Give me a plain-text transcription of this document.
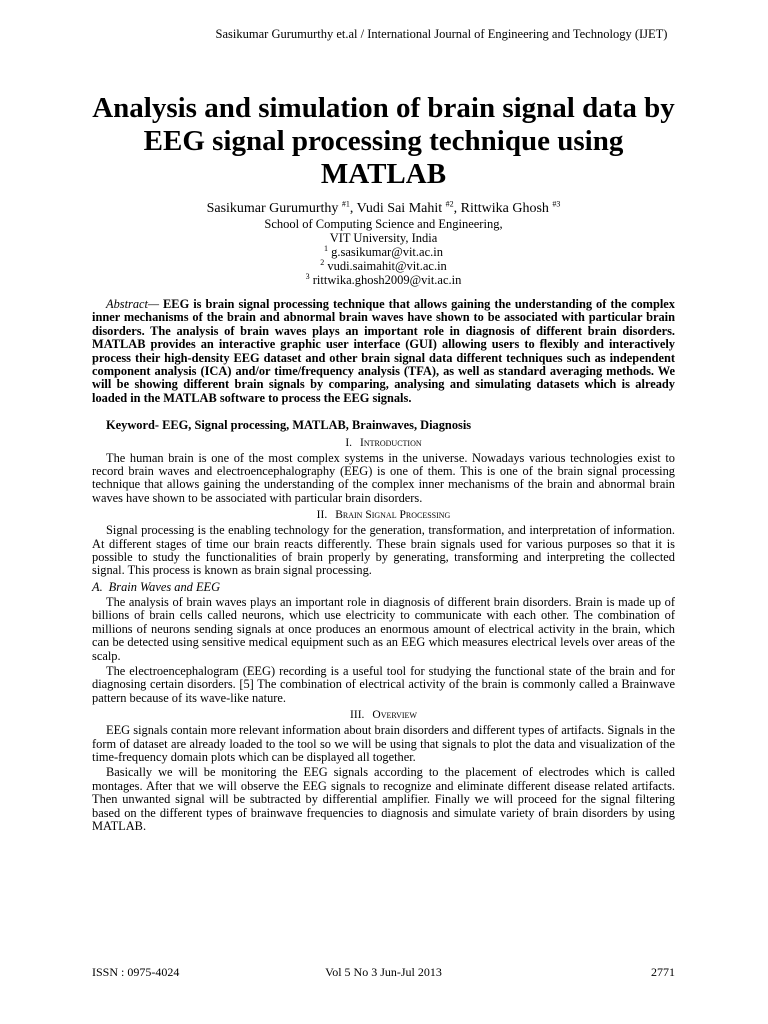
Sasikumar Gurumurthy et.al / International Journal of Engineering and Technology (IJET)
Analysis and simulation of brain signal data by EEG signal processing technique using MATLAB
Sasikumar Gurumurthy $^{\#1}$, Vudi Sai Mahit $^{\#2}$, Rittwika Ghosh $^{\#3}$
School of Computing Science and Engineering,
VIT University, India
$^1$ g.sasikumar@vit.ac.in
$^2$ vudi.saimahit@vit.ac.in
$^3$ rittwika.ghosh2009@vit.ac.in

Abstract— EEG is brain signal processing technique that allows gaining the understanding of the complex inner mechanisms of the brain and abnormal brain waves have shown to be associated with particular brain disorders. The analysis of brain waves plays an important role in diagnosis of different brain disorders. MATLAB provides an interactive graphic user interface (GUI) allowing users to flexibly and interactively process their high-density EEG dataset and other brain signal data different techniques such as independent component analysis (ICA) and/or time/frequency analysis (TFA), as well as standard averaging methods. We will be showing different brain signals by comparing, analysing and simulating datasets which is already loaded in the MATLAB software to process the EEG signals.

Keyword- EEG, Signal processing, MATLAB, Brainwaves, Diagnosis
I. Introduction

The human brain is one of the most complex systems in the universe. Nowadays various technologies exist to record brain waves and electroencephalography (EEG) is one of them. This is one of the brain signal processing technique that allows gaining the understanding of the complex inner mechanisms of the brain and abnormal brain waves have shown to be associated with particular brain disorders.

II. Brain Signal Processing

Signal processing is the enabling technology for the generation, transformation, and interpretation of information. At different stages of time our brain reacts differently. These brain signals used for various purposes so that it is possible to study the functionalities of brain properly by generating, transforming and interpreting the collected signal. This process is known as brain signal processing.

A. Brain Waves and EEG

The analysis of brain waves plays an important role in diagnosis of different brain disorders. Brain is made up of billions of brain cells called neurons, which use electricity to communicate with each other. The combination of millions of neurons sending signals at once produces an enormous amount of electrical activity in the brain, which can be detected using sensitive medical equipment such as an EEG which measures electrical levels over areas of the scalp.

The electroencephalogram (EEG) recording is a useful tool for studying the functional state of the brain and for diagnosing certain disorders. [5] The combination of electrical activity of the brain is commonly called a Brainwave pattern because of its wave-like nature.

III. Overview

EEG signals contain more relevant information about brain disorders and different types of artifacts. Signals in the form of dataset are already loaded to the tool so we will be using that signals to plot the data and visualization of the time-frequency domain plots which can be displayed all together.

Basically we will be monitoring the EEG signals according to the placement of electrodes which is called montages. After that we will observe the EEG signals to recognize and eliminate different disease related artifacts. Then unwanted signal will be subtracted by differential amplifier. Finally we will proceed for the signal filtering based on the different types of brainwave frequencies to diagnosis and simulate variety of brain disorders by using MATLAB.

ISSN : 0975-4024	Vol 5 No 3 Jun-Jul 2013	2771
